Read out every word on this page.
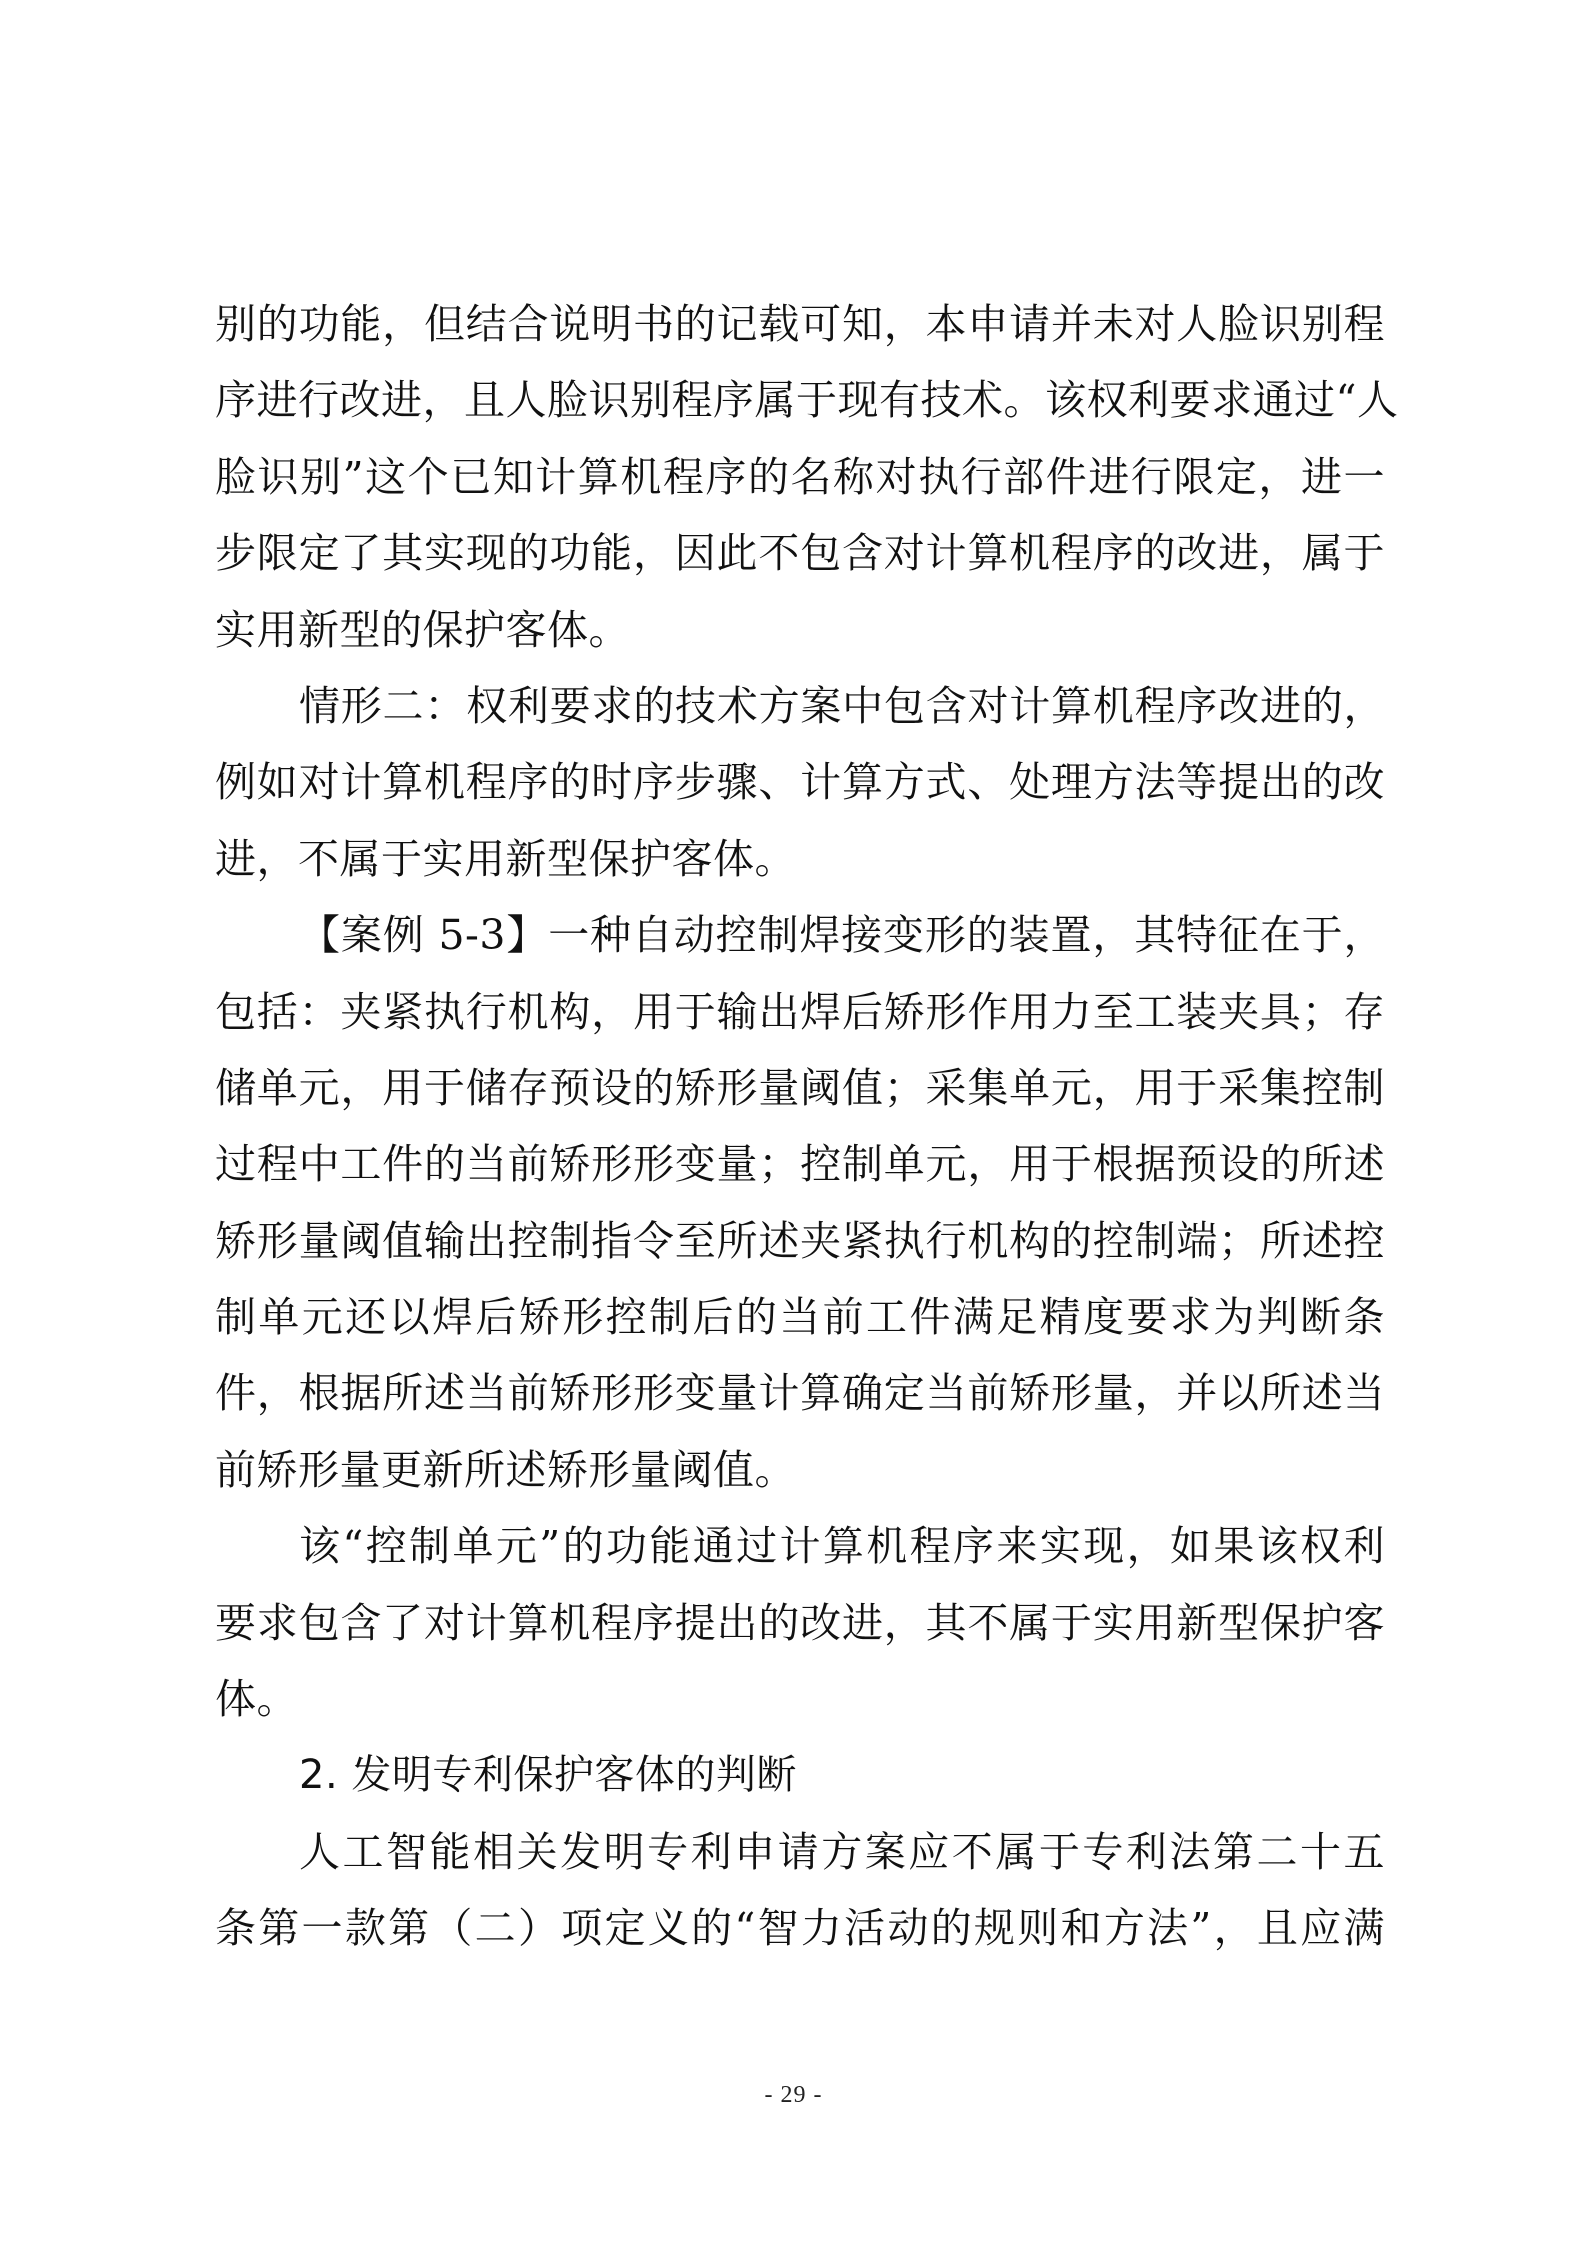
别的功能，但结合说明书的记载可知，本申请并未对人脸识别程
序进行改进，且人脸识别程序属于现有技术。该权利要求通过“人
脸识别”这个已知计算机程序的名称对执行部件进行限定，进一
步限定了其实现的功能，因此不包含对计算机程序的改进，属于
实用新型的保护客体。
情形二：权利要求的技术方案中包含对计算机程序改进的，
例如对计算机程序的时序步骤、计算方式、处理方法等提出的改
进，不属于实用新型保护客体。
【案例 5-3】一种自动控制焊接变形的装置，其特征在于，
包括：夹紧执行机构，用于输出焊后矫形作用力至工装夹具；存
储单元，用于储存预设的矫形量阈值；采集单元，用于采集控制
过程中工件的当前矫形形变量；控制单元，用于根据预设的所述
矫形量阈值输出控制指令至所述夹紧执行机构的控制端；所述控
制单元还以焊后矫形控制后的当前工件满足精度要求为判断条
件，根据所述当前矫形形变量计算确定当前矫形量，并以所述当
前矫形量更新所述矫形量阈值。
该“控制单元”的功能通过计算机程序来实现，如果该权利
要求包含了对计算机程序提出的改进，其不属于实用新型保护客
体。
2. 发明专利保护客体的判断
人工智能相关发明专利申请方案应不属于专利法第二十五
条第一款第（二）项定义的“智力活动的规则和方法”，且应满
- 29 -
